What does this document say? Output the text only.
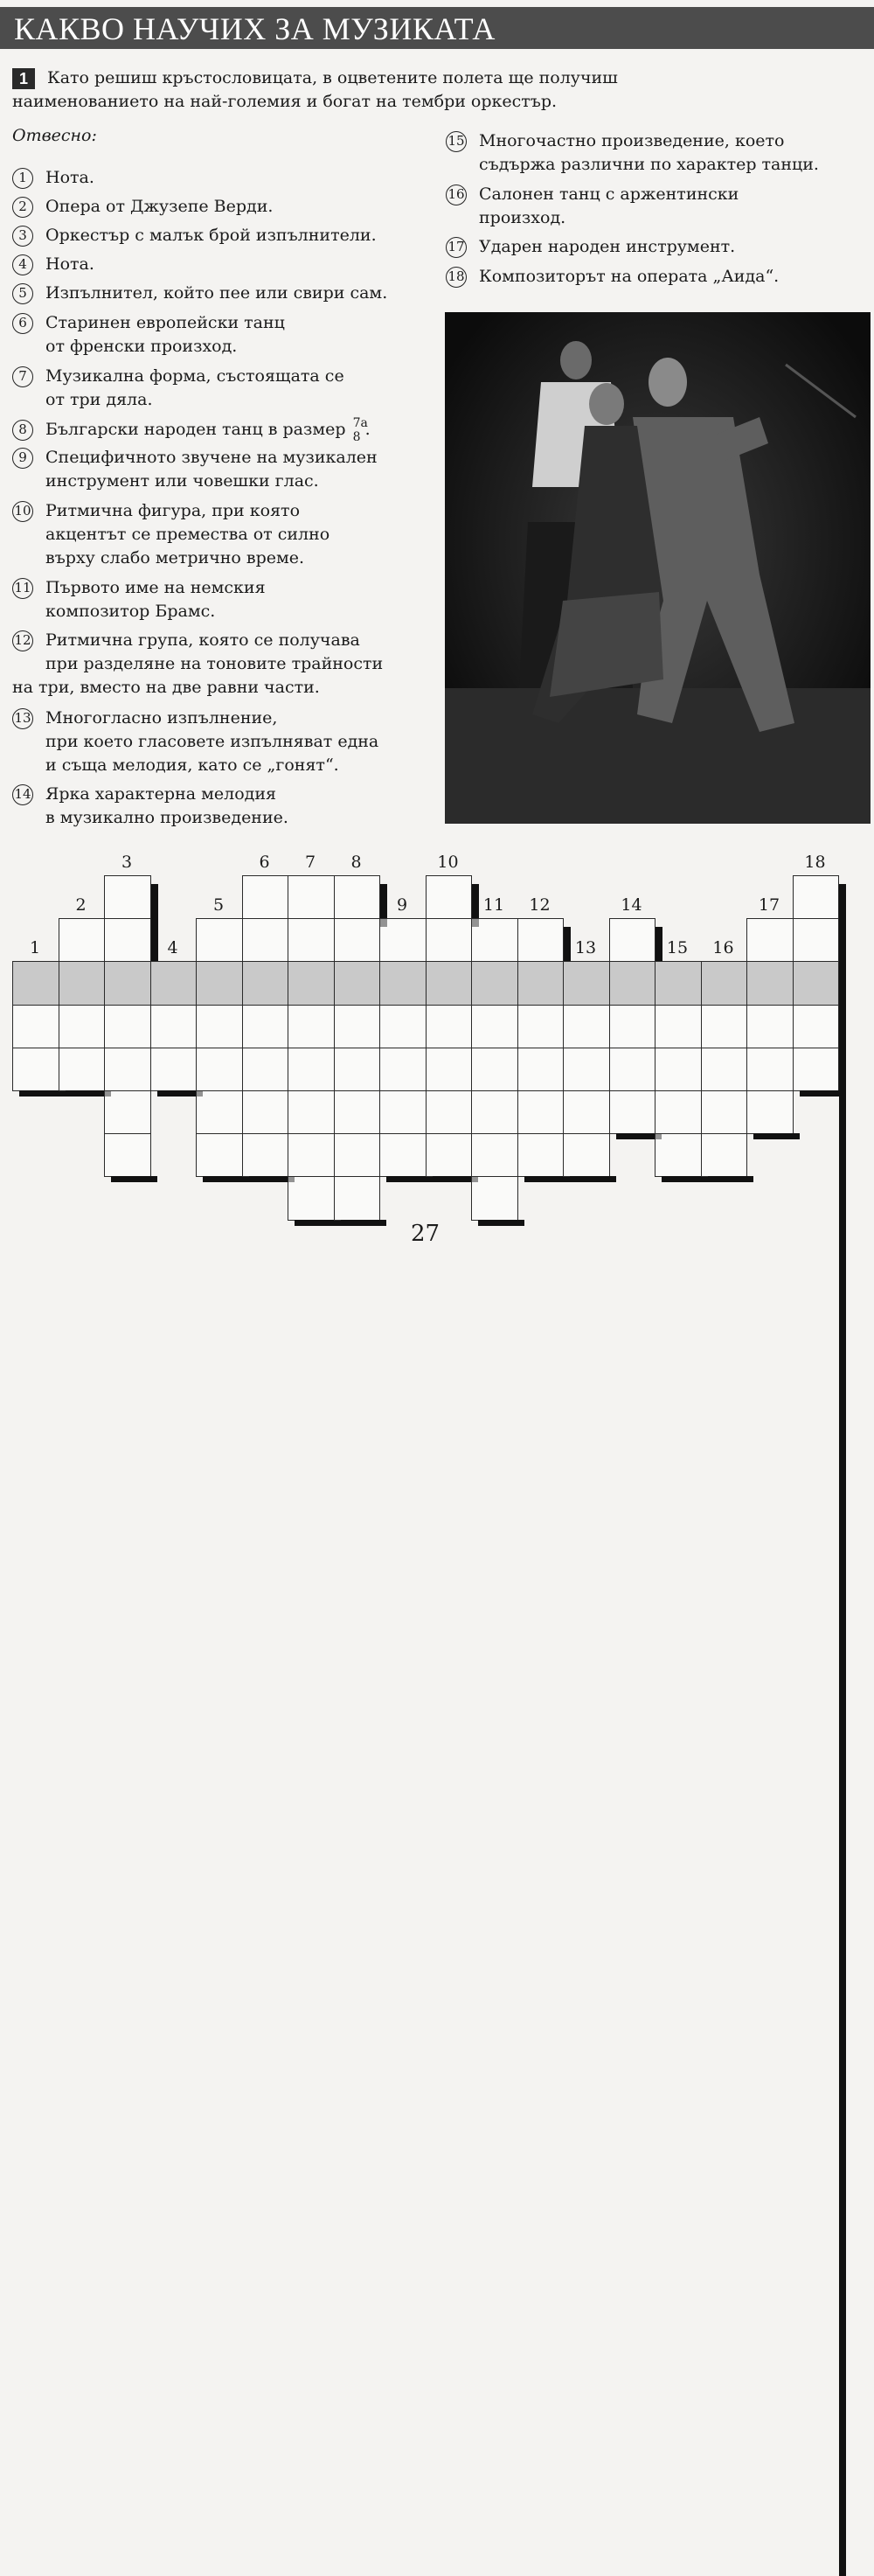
КАКВО НАУЧИХ ЗА МУЗИКАТА
1 Като решиш кръстословицата, в оцветените полета ще получиш
наименованието на най-големия и богат на тембри оркестър.
Отвесно:
1	Нота.
2	Опера от Джузепе Верди.
3	Оркестър с малък брой изпълнители.
4	Нота.
5	Изпълнител, който пее или свири сам.
6	Старинен европейски танц
от френски произход.
7	Музикална форма, състоящата се
от три дяла.
8	Български народен танц в размер 7a
8 .
9	Специфичното звучене на музикален
инструмент или човешки глас.
10 Ритмична фигура, при която
акцентът се премества от силно
върху слабо метрично време.
11 Първото име на немския
композитор Брамс.
12 Ритмична група, която се получава
при разделяне на тоновите трайности
на три, вместо на две равни части.
13 Многогласно изпълнение,
при което гласовете изпълняват една
и съща мелодия, като се „гонят“.
14 Ярка характерна мелодия
в музикално произведение.
15 Многочастно произведение, което
съдържа различни по характер танци.
16 Салонен танц с аржентински
произход.
17 Ударен народен инструмент.
18 Композиторът на операта „Аида“.
1
2
3
4
5
6	7	8
9
10
11 12
13
14
15 16
17
18
27
